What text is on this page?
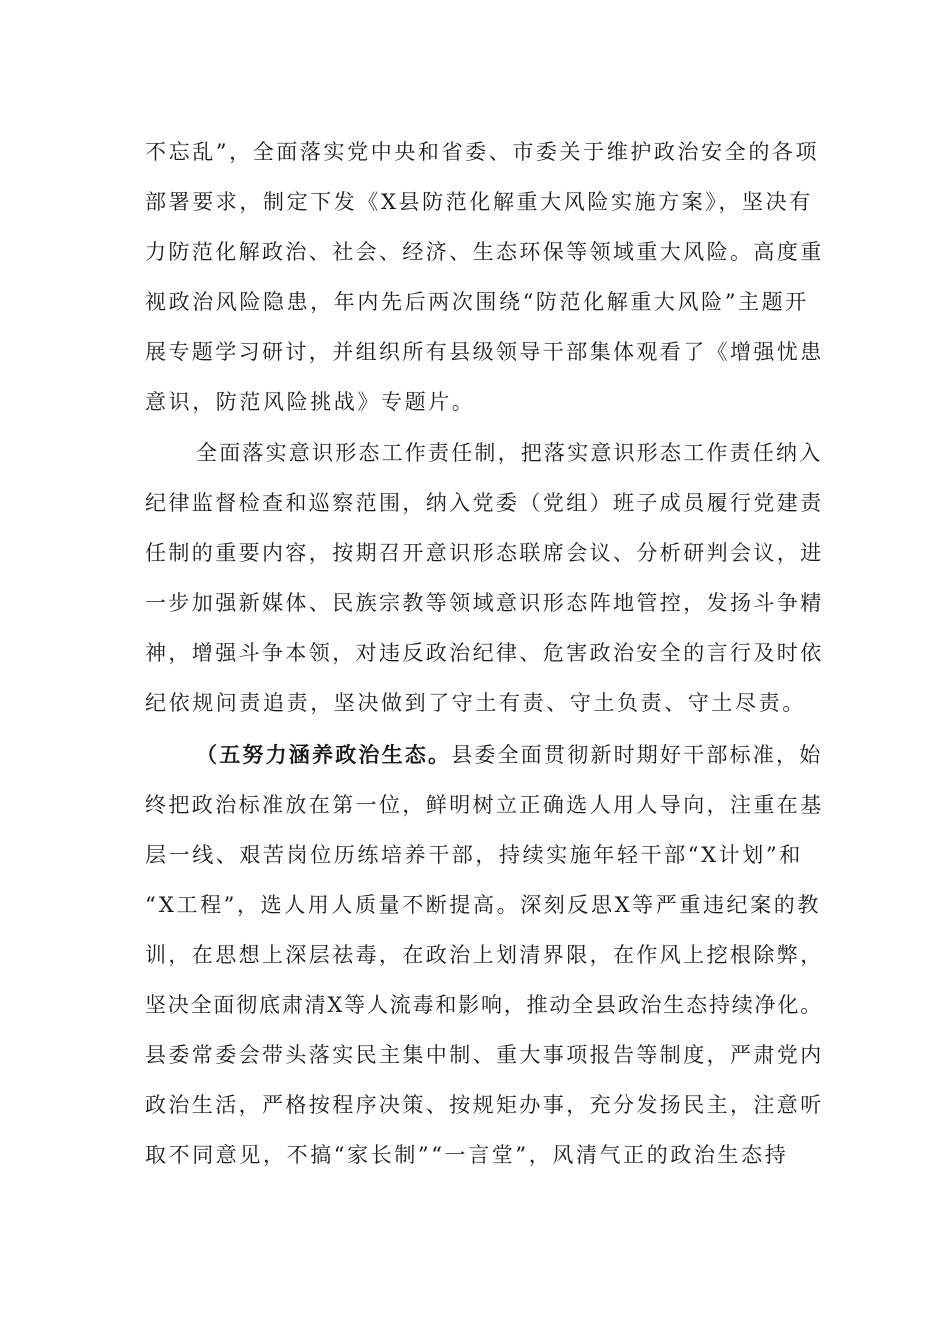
不忘乱”，全面落实党中央和省委、市委关于维护政治安全的各项
部署要求，制定下发《X县防范化解重大风险实施方案》，坚决有
力防范化解政治、社会、经济、生态环保等领域重大风险。高度重
视政治风险隐患，年内先后两次围绕“防范化解重大风险”主题开
展专题学习研讨，并组织所有县级领导干部集体观看了《增强忧患
意识，防范风险挑战》专题片。
全面落实意识形态工作责任制，把落实意识形态工作责任纳入
纪律监督检查和巡察范围，纳入党委（党组）班子成员履行党建责
任制的重要内容，按期召开意识形态联席会议、分析研判会议，进
一步加强新媒体、民族宗教等领域意识形态阵地管控，发扬斗争精
神，增强斗争本领，对违反政治纪律、危害政治安全的言行及时依
纪依规问责追责，坚决做到了守土有责、守土负责、守土尽责。
（五努力涵养政治生态。县委全面贯彻新时期好干部标准，始
终把政治标准放在第一位，鲜明树立正确选人用人导向，注重在基
层一线、艰苦岗位历练培养干部，持续实施年轻干部“X计划”和
“X工程”，选人用人质量不断提高。深刻反思X等严重违纪案的教
训，在思想上深层祛毒，在政治上划清界限，在作风上挖根除弊，
坚决全面彻底肃清X等人流毒和影响，推动全县政治生态持续净化。
县委常委会带头落实民主集中制、重大事项报告等制度，严肃党内
政治生活，严格按程序决策、按规矩办事，充分发扬民主，注意听
取不同意见，不搞“家长制”“一言堂”，风清气正的政治生态持
